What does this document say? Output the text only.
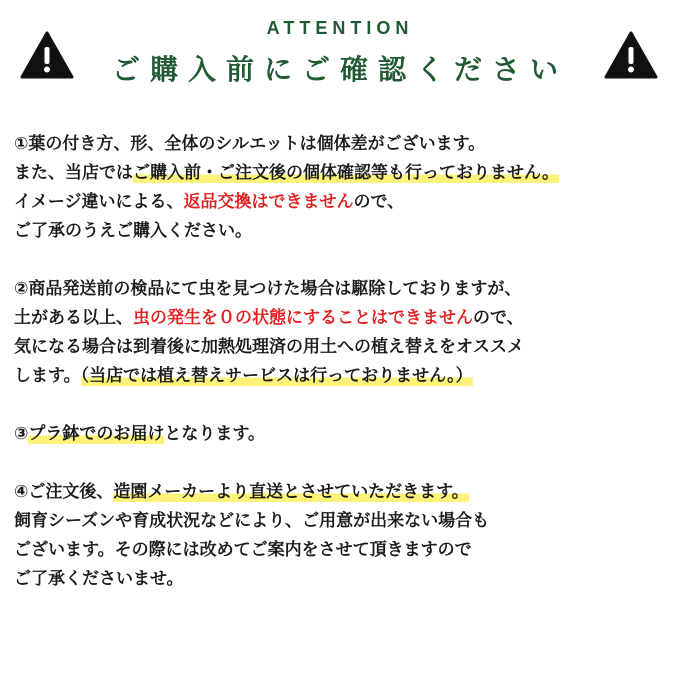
ATTENTION
ご購入前にご確認ください
①葉の付き方、形、全体のシルエットは個体差がございます。
また、当店ではご購入前・ご注文後の個体確認等も行っておりません。
イメージ違いによる、返品交換はできませんので、
ご了承のうえご購入ください。
②商品発送前の検品にて虫を見つけた場合は駆除しておりますが、
土がある以上、虫の発生を０の状態にすることはできませんので、
気になる場合は到着後に加熱処理済の用土への植え替えをオススメ
します。（当店では植え替えサービスは行っておりません。）
③プラ鉢でのお届けとなります。
④ご注文後、造園メーカーより直送とさせていただきます。
飼育シーズンや育成状況などにより、ご用意が出来ない場合も
ございます。その際には改めてご案内をさせて頂きますので
ご了承くださいませ。
